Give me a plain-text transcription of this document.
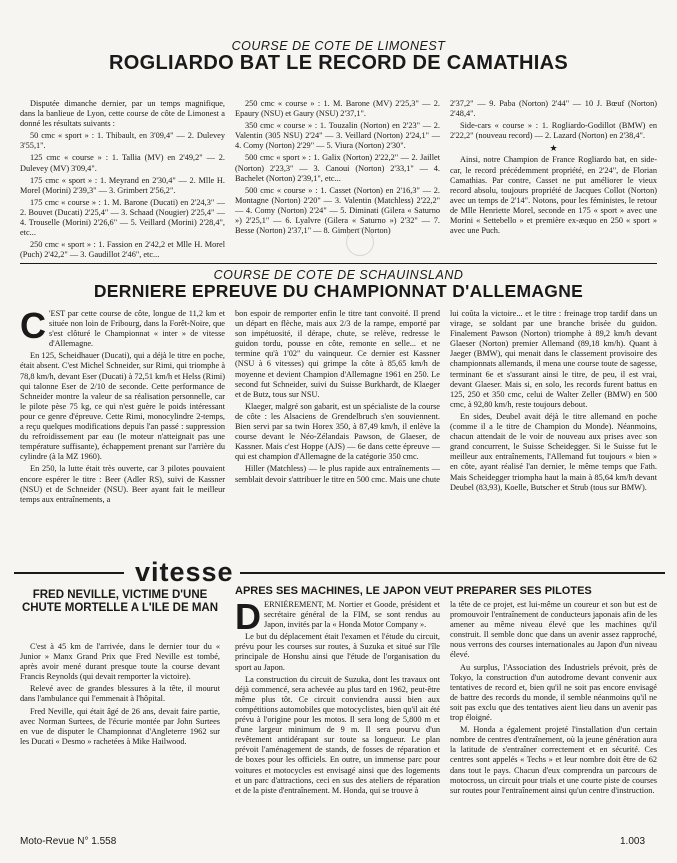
COURSE DE COTE DE LIMONEST
ROGLIARDO BAT LE RECORD DE CAMATHIAS

Disputée dimanche dernier, par un temps magnifique, dans la banlieue de Lyon, cette course de côte de Limonest a donné les résultats suivants :

50 cmc « sport » : 1. Thibault, en 3'09,4" — 2. Dulevey 3'55,1".

125 cmc « course » : 1. Tallia (MV) en 2'49,2" — 2. Dulevey (MV) 3'09,4".

175 cmc « sport » : 1. Meyrand en 2'30,4" — 2. Mlle H. Morel (Morini) 2'39,3" — 3. Grimbert 2'56,2".

175 cmc « course » : 1. M. Barone (Ducati) en 2'24,3" — 2. Bouvet (Ducati) 2'25,4" — 3. Schaad (Nougier) 2'25,4" — 4. Trouselle (Morini) 2'26,6" — 5. Veillard (Morini) 2'28,4", etc...

250 cmc « sport » : 1. Fassion en 2'42,2 et Mlle H. Morel (Puch) 2'42,2" — 3. Gaudillot 2'46", etc...

250 cmc « course » : 1. M. Barone (MV) 2'25,3" — 2. Epaury (NSU) et Gaury (NSU) 2'37,1".

350 cmc « course » : 1. Touzalin (Norton) en 2'23" — 2. Valentin (305 NSU) 2'24" — 3. Veillard (Norton) 2'24,1" — 4. Comy (Norton) 2'29" — 5. Viura (Norton) 2'30".

500 cmc « sport » : 1. Galix (Norton) 2'22,2" — 2. Jaillet (Norton) 2'23,3" — 3. Canoui (Norton) 2'33,1" — 4. Bachelet (Norton) 2'39,1", etc...

500 cmc « course » : 1. Casset (Norton) en 2'16,3" — 2. Montagne (Norton) 2'20" — 3. Valentin (Matchless) 2'22,2" — 4. Comy (Norton) 2'24" — 5. Diminati (Gilera « Saturno ») 2'25,1" — 6. Lyalvre (Gilera « Saturno ») 2'32" — 7. Besse (Norton) 2'37,1" — 8. Gimbert (Norton)

2'37,2" — 9. Paba (Norton) 2'44" — 10 J. Bœuf (Norton) 2'48,4".

Side-cars « course » : 1. Rogliardo-Godillot (BMW) en 2'22,2" (nouveau record) — 2. Lazard (Norton) en 2'38,4".

★

Ainsi, notre Champion de France Rogliardo bat, en side-car, le record précédemment propriété, en 2'24", de Florian Camathias. Par contre, Casset ne put améliorer le vieux record absolu, toujours propriété de Jacques Collot (Norton) avec un temps de 2'14". Notons, pour les féministes, le retour de Mlle Henriette Morel, seconde en 175 « sport » avec une Morini « Settebello » et première ex-æquo en 250 « sport » avec une Puch.

COURSE DE COTE DE SCHAUINSLAND
DERNIERE EPREUVE DU CHAMPIONNAT D'ALLEMAGNE
C 'EST par cette course de côte, longue de 11,2 km et située non loin de Fribourg, dans la Forêt-Noire, que s'est clôturé le Championnat « inter » de vitesse d'Allemagne.

En 125, Scheidhauer (Ducati), qui a déjà le titre en poche, était absent. C'est Michel Schneider, sur Rimi, qui triomphe à 78,8 km/h, devant Eser (Ducati) à 72,51 km/h et Helss (Rimi) qui talonne Eser de 2/10 de seconde. Cette performance de Schneider montre la valeur de sa réalisation personnelle, car le pilote pèse 75 kg, ce qui n'est guère le poids intéressant pour ce genre d'épreuve. Cette Rimi, monocylindre 2-temps, a reçu quelques modifications depuis l'an passé : suppression du refroidissement par eau (le moteur n'atteignait pas une température suffisante), échappement prenant sur l'arrière du cylindre (à la MZ 1960).

En 250, la lutte était très ouverte, car 3 pilotes pouvaient encore espérer le titre : Beer (Adler RS), suivi de Kassner (NSU) et de Schneider (NSU). Beer ayant fait le meilleur temps aux entraînements, a

bon espoir de remporter enfin le titre tant convoité. Il prend un départ en flèche, mais aux 2/3 de la rampe, emporté par son impétuosité, il dérape, chute, se relève, redresse le guidon tordu, pousse en côte, remonte en selle... et ne termine qu'à 1'02" du vainqueur. Ce dernier est Kassner (NSU à 6 vitesses) qui grimpe la côte à 85,65 km/h de moyenne et devient Champion d'Allemagne 1961 en 250. Le second fut Schneider, suivi du Suisse Burkhardt, de Klaeger et de Butz, tous sur NSU.

Klaeger, malgré son gabarit, est un spécialiste de la course de côte : les Alsaciens de Grendelbruch s'en souviennent. Bien servi par sa twin Horex 350, à 87,49 km/h, il enlève la course devant le Néo-Zélandais Pawson, de Glaeser, de Kassner. Mais c'est Hoppe (AJS) — 6e dans cette épreuve — qui est champion d'Allemagne de la catégorie 350 cmc.

Hiller (Matchless) — le plus rapide aux entraînements — semblait devoir s'attribuer le titre en 500 cmc. Mais une chute

lui coûta la victoire... et le titre : freinage trop tardif dans un virage, se soldant par une branche brisée du guidon. Finalement Pawson (Norton) triomphe à 89,2 km/h devant Glaeser (Norton) premier Allemand (89,18 km/h). Quant à Jaeger (BMW), qui menait dans le classement provisoire des championnats allemands, il mena une course toute de sagesse, terminant 6e et s'assurant ainsi le titre, de peu, il est vrai, devant Glaeser. Mais si, en solo, les records furent battus en 125, 250 et 350 cmc, celui de Walter Zeller (BMW) en 500 cmc, à 92,80 km/h, reste toujours debout.

En sides, Deubel avait déjà le titre allemand en poche (comme il a le titre de Champion du Monde). Néanmoins, chacun attendait de le voir de nouveau aux prises avec son grand concurrent, le Suisse Scheidegger. Si le Suisse fut le meilleur aux entraînements, l'Allemand fut toujours « bien » en côte, ayant réalisé l'an dernier, le même temps que Fath. Mais Scheidegger triompha haut la main à 85,64 km/h devant Deubel (83,93), Koelle, Butscher et Strub (tous sur BMW).

vitesse
FRED NEVILLE, VICTIME D'UNE CHUTE MORTELLE A L'ILE DE MAN

C'est à 45 km de l'arrivée, dans le dernier tour du « Junior » Manx Grand Prix que Fred Neville est tombé, après avoir mené durant presque toute la course devant Francis Reynolds (qui devait remporter la victoire).

Relevé avec de grandes blessures à la tête, il mourut dans l'ambulance qui l'emmenait à l'hôpital.

Fred Neville, qui était âgé de 26 ans, devait faire partie, avec Norman Surtees, de l'écurie montée par John Surtees en vue de disputer le Championnat d'Angleterre 1962 sur les Ducati « Desmo » rachetées à Mike Hailwood.

APRES SES MACHINES, LE JAPON VEUT PREPARER SES PILOTES
D ERNIÈREMENT, M. Nortier et Goode, président et secrétaire général de la FIM, se sont rendus au Japon, invités par la « Honda Motor Company ».

Le but du déplacement était l'examen et l'étude du circuit, prévu pour les courses sur routes, à Suzuka et situé sur l'île principale de Honshu ainsi que l'étude de l'organisation du sport au Japon.

La construction du circuit de Suzuka, dont les travaux ont déjà commencé, sera achevée au plus tard en 1962, peut-être même plus tôt. Ce circuit conviendra aussi bien aux compétitions automobiles que motocyclistes, bien qu'il ait été prévu à l'origine pour les motos. Il sera long de 5,800 m et d'une largeur minimum de 9 m. Il sera pourvu d'un revêtement antidérapant sur toute sa longueur. Le plan prévoit l'aménagement de stands, de fosses de réparation et de boxes pour les officiels. En outre, un immense parc pour voitures et motocycles est envisagé ainsi que des logements et un parc d'attractions, ceci en sus des ateliers de réparation et de la piste d'entraînement. M. Honda, qui se trouve à

la tête de ce projet, est lui-même un coureur et son but est de promouvoir l'entraînement de conducteurs japonais afin de les amener au même niveau élevé que les machines qu'il construit. Il semble donc que dans un avenir assez rapproché, nous verrons des courses internationales au Japon d'un niveau élevé.

Au surplus, l'Association des Industriels prévoit, près de Tokyo, la construction d'un autodrome devant convenir aux tentatives de record et, bien qu'il ne soit pas encore envisagé de battre des records du monde, il semble néanmoins qu'il ne soit pas exclu que des tentatives aient lieu dans un avenir pas trop éloigné.

M. Honda a également projeté l'installation d'un certain nombre de centres d'entraînement, où la jeune génération aura la latitude de s'entraîner correctement et en sécurité. Ces centres sont appelés « Techs » et leur nombre doit être de 62 dans tout le pays. Chacun d'eux comprendra un parcours de motocross, un circuit pour trials et une courte piste de courses sur routes pour l'entraînement ainsi qu'un centre d'instruction.

Moto-Revue N° 1.558	1.003
